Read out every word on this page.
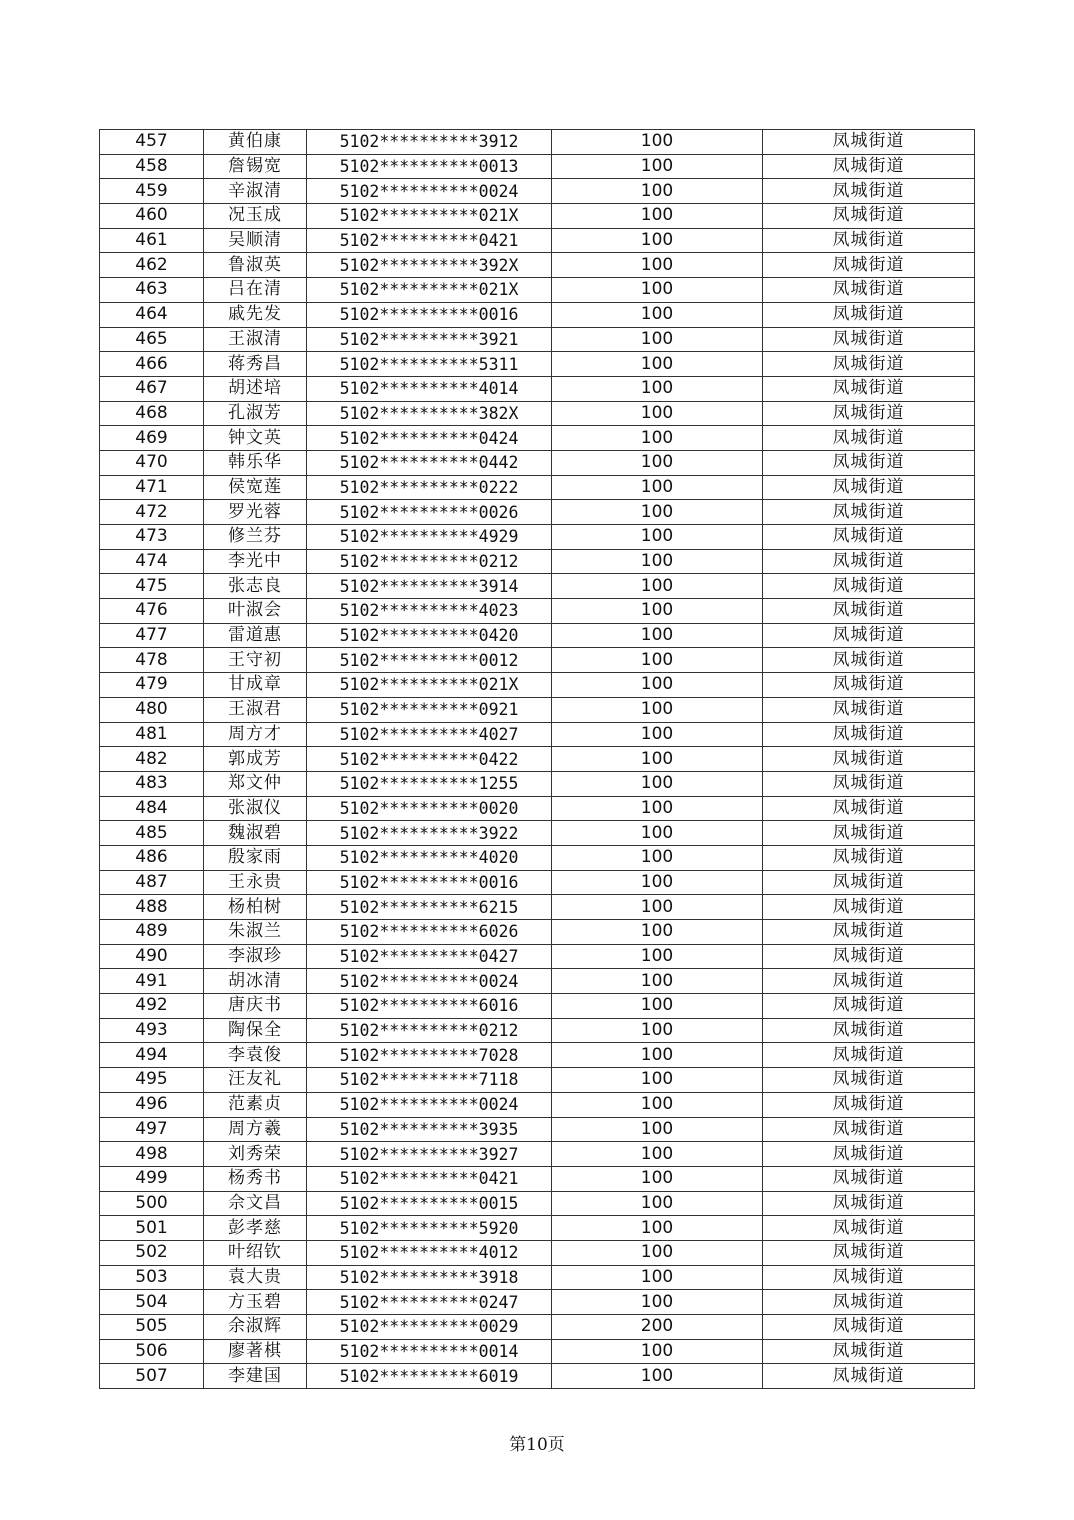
457	黄伯康	5102**********3912	100	凤城街道
458	詹锡宽	5102**********0013	100	凤城街道
459	辛淑清	5102**********0024	100	凤城街道
460	况玉成	5102**********021X	100	凤城街道
461	吴顺清	5102**********0421	100	凤城街道
462	鲁淑英	5102**********392X	100	凤城街道
463	吕在清	5102**********021X	100	凤城街道
464	戚先发	5102**********0016	100	凤城街道
465	王淑清	5102**********3921	100	凤城街道
466	蒋秀昌	5102**********5311	100	凤城街道
467	胡述培	5102**********4014	100	凤城街道
468	孔淑芳	5102**********382X	100	凤城街道
469	钟文英	5102**********0424	100	凤城街道
470	韩乐华	5102**********0442	100	凤城街道
471	侯宽莲	5102**********0222	100	凤城街道
472	罗光蓉	5102**********0026	100	凤城街道
473	修兰芬	5102**********4929	100	凤城街道
474	李光中	5102**********0212	100	凤城街道
475	张志良	5102**********3914	100	凤城街道
476	叶淑会	5102**********4023	100	凤城街道
477	雷道惠	5102**********0420	100	凤城街道
478	王守初	5102**********0012	100	凤城街道
479	甘成章	5102**********021X	100	凤城街道
480	王淑君	5102**********0921	100	凤城街道
481	周方才	5102**********4027	100	凤城街道
482	郭成芳	5102**********0422	100	凤城街道
483	郑文仲	5102**********1255	100	凤城街道
484	张淑仪	5102**********0020	100	凤城街道
485	魏淑碧	5102**********3922	100	凤城街道
486	殷家雨	5102**********4020	100	凤城街道
487	王永贵	5102**********0016	100	凤城街道
488	杨柏树	5102**********6215	100	凤城街道
489	朱淑兰	5102**********6026	100	凤城街道
490	李淑珍	5102**********0427	100	凤城街道
491	胡冰清	5102**********0024	100	凤城街道
492	唐庆书	5102**********6016	100	凤城街道
493	陶保全	5102**********0212	100	凤城街道
494	李袁俊	5102**********7028	100	凤城街道
495	汪友礼	5102**********7118	100	凤城街道
496	范素贞	5102**********0024	100	凤城街道
497	周方羲	5102**********3935	100	凤城街道
498	刘秀荣	5102**********3927	100	凤城街道
499	杨秀书	5102**********0421	100	凤城街道
500	佘文昌	5102**********0015	100	凤城街道
501	彭孝慈	5102**********5920	100	凤城街道
502	叶绍钦	5102**********4012	100	凤城街道
503	袁大贵	5102**********3918	100	凤城街道
504	方玉碧	5102**********0247	100	凤城街道
505	余淑辉	5102**********0029	200	凤城街道
506	廖著棋	5102**********0014	100	凤城街道
507	李建国	5102**********6019	100	凤城街道
第10页
